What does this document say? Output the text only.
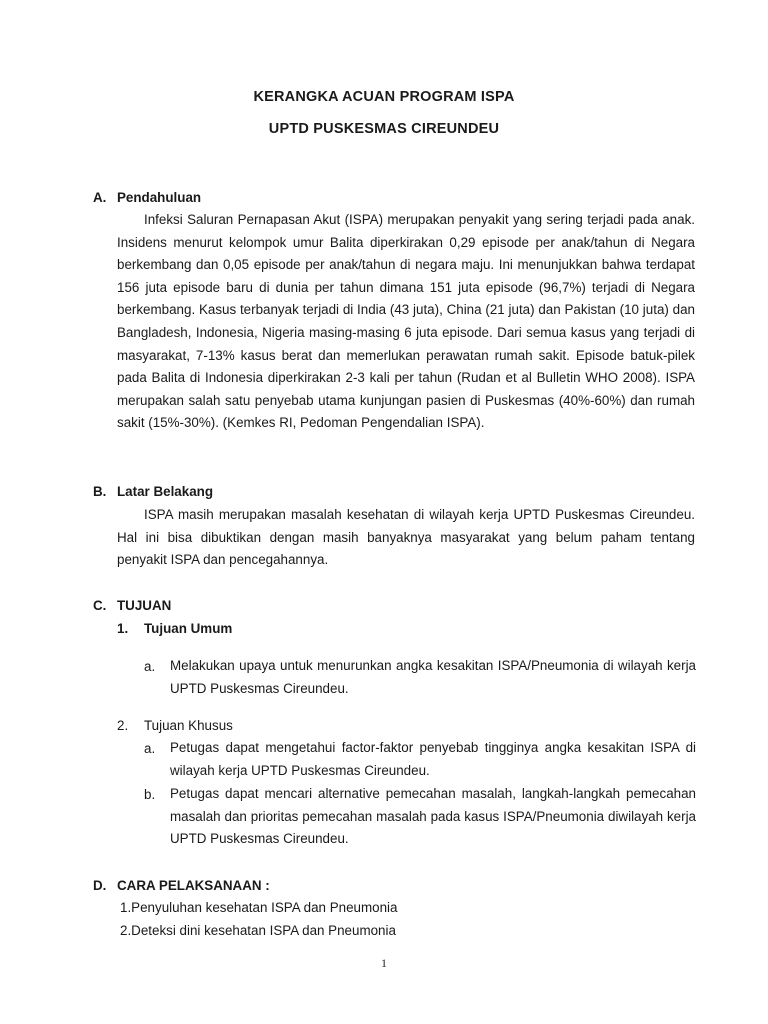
KERANGKA ACUAN PROGRAM ISPA
UPTD PUSKESMAS CIREUNDEU
A. Pendahuluan
Infeksi Saluran Pernapasan Akut (ISPA) merupakan penyakit yang sering terjadi pada anak. Insidens menurut kelompok umur Balita diperkirakan 0,29 episode per anak/tahun di Negara berkembang dan 0,05 episode per anak/tahun di negara maju. Ini menunjukkan bahwa terdapat 156 juta episode baru di dunia per tahun dimana 151 juta episode (96,7%) terjadi di Negara berkembang. Kasus terbanyak terjadi di India (43 juta), China (21 juta) dan Pakistan (10 juta) dan Bangladesh, Indonesia, Nigeria masing-masing 6 juta episode. Dari semua kasus yang terjadi di masyarakat, 7-13% kasus berat dan memerlukan perawatan rumah sakit. Episode batuk-pilek pada Balita di Indonesia diperkirakan 2-3 kali per tahun (Rudan et al Bulletin WHO 2008). ISPA merupakan salah satu penyebab utama kunjungan pasien di Puskesmas (40%-60%) dan rumah sakit (15%-30%). (Kemkes RI, Pedoman Pengendalian ISPA).
B. Latar Belakang
ISPA masih merupakan masalah kesehatan di wilayah kerja UPTD Puskesmas Cireundeu. Hal ini bisa dibuktikan dengan masih banyaknya masyarakat yang belum paham tentang penyakit ISPA dan pencegahannya.
C. TUJUAN
1. Tujuan Umum
a. Melakukan upaya untuk menurunkan angka kesakitan ISPA/Pneumonia di wilayah kerja UPTD Puskesmas Cireundeu.
2. Tujuan Khusus
a. Petugas dapat mengetahui factor-faktor penyebab tingginya angka kesakitan ISPA di wilayah kerja UPTD Puskesmas Cireundeu.
b. Petugas dapat mencari alternative pemecahan masalah, langkah-langkah pemecahan masalah dan prioritas pemecahan masalah pada kasus ISPA/Pneumonia diwilayah kerja UPTD Puskesmas Cireundeu.
D. CARA PELAKSANAAN :
1.Penyuluhan kesehatan ISPA dan Pneumonia
2.Deteksi dini kesehatan ISPA dan Pneumonia
1
